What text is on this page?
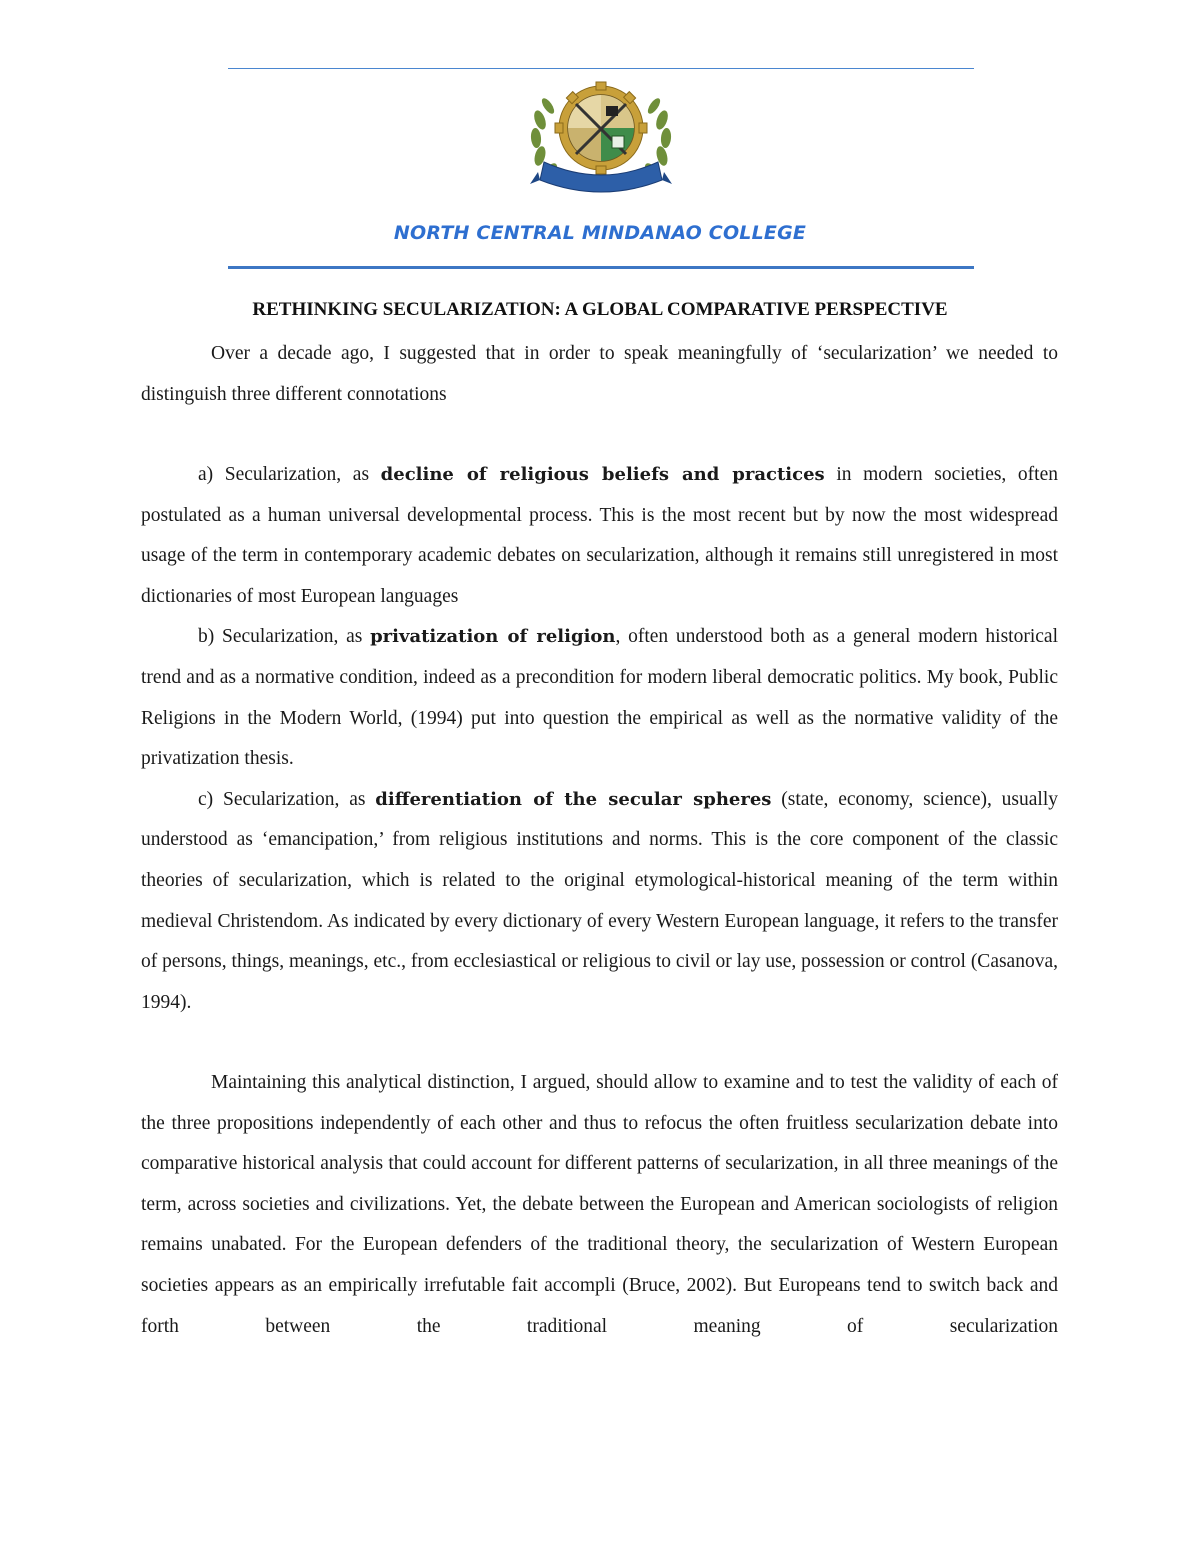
NORTH CENTRAL MINDANAO COLLEGE
RETHINKING SECULARIZATION: A GLOBAL COMPARATIVE PERSPECTIVE

Over a decade ago, I suggested that in order to speak meaningfully of ‘secularization’ we needed to distinguish three different connotations

a) Secularization, as decline of religious beliefs and practices in modern societies, often postulated as a human universal developmental process. This is the most recent but by now the most widespread usage of the term in contemporary academic debates on secularization, although it remains still unregistered in most dictionaries of most European languages

b) Secularization, as privatization of religion, often understood both as a general modern historical trend and as a normative condition, indeed as a precondition for modern liberal democratic politics. My book, Public Religions in the Modern World, (1994) put into question the empirical as well as the normative validity of the privatization thesis.

c) Secularization, as differentiation of the secular spheres (state, economy, science), usually understood as ‘emancipation,’ from religious institutions and norms. This is the core component of the classic theories of secularization, which is related to the original etymological-historical meaning of the term within medieval Christendom. As indicated by every dictionary of every Western European language, it refers to the transfer of persons, things, meanings, etc., from ecclesiastical or religious to civil or lay use, possession or control (Casanova, 1994).

Maintaining this analytical distinction, I argued, should allow to examine and to test the validity of each of the three propositions independently of each other and thus to refocus the often fruitless secularization debate into comparative historical analysis that could account for different patterns of secularization, in all three meanings of the term, across societies and civilizations. Yet, the debate between the European and American sociologists of religion remains unabated. For the European defenders of the traditional theory, the secularization of Western European societies appears as an empirically irrefutable fait accompli (Bruce, 2002). But Europeans tend to switch back and forth between the traditional meaning of secularization
